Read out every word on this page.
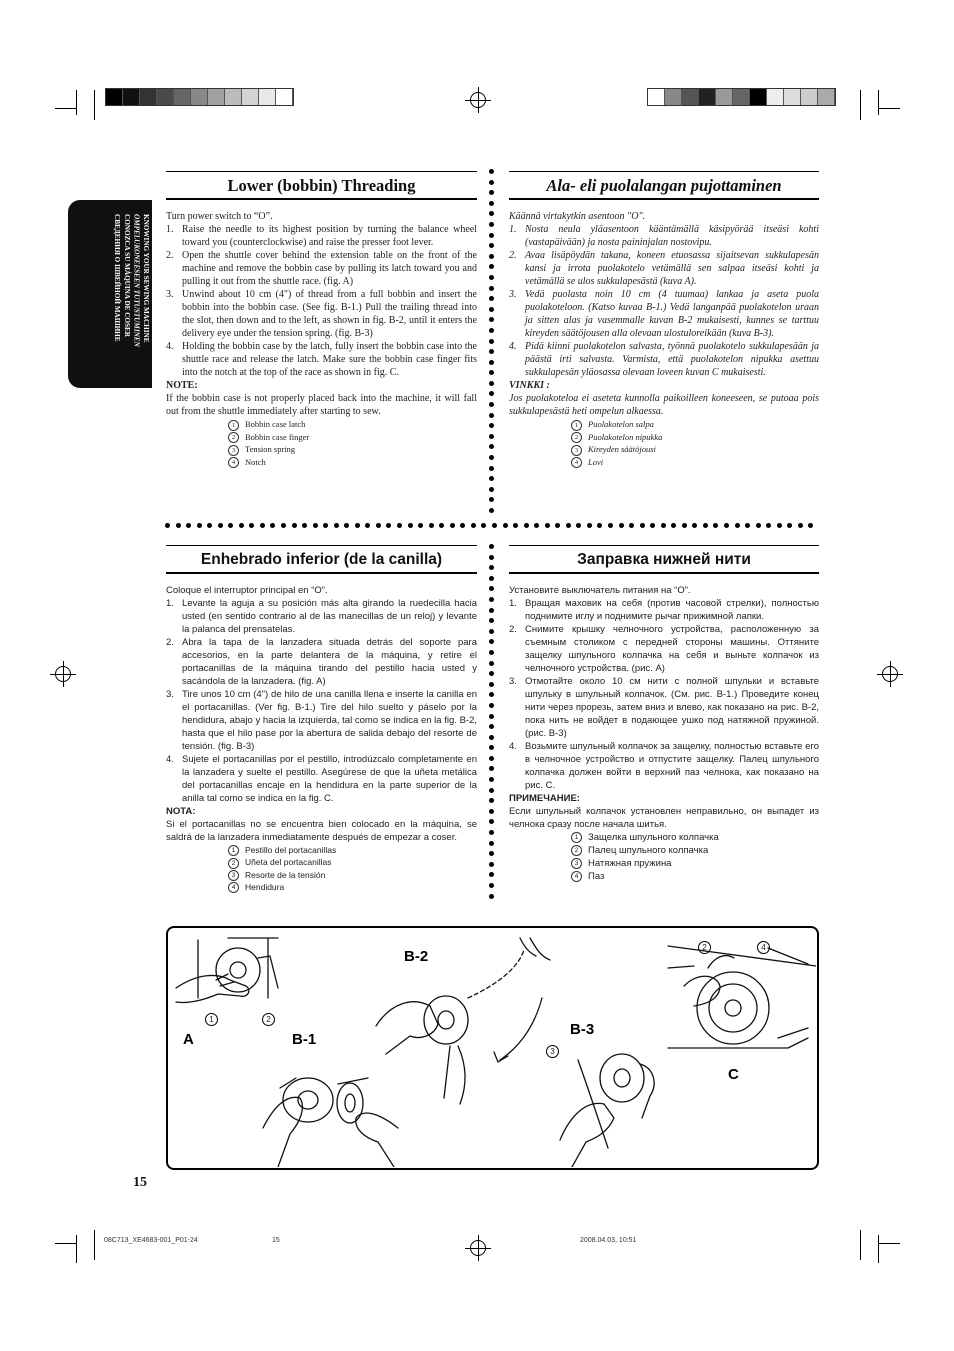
KNOWING YOUR SEWING MACHINE
OMPELUKONEESEEN TUTUSTUMINEN
CONOZCA SU MÁQUINA DE COSER
СВЕДЕНИЯ О ШВЕЙНОЙ МАШИНЕ
Lower (bobbin) Threading

Turn power switch to “O”.

1. Raise the needle to its highest position by turning the balance wheel toward you (counterclockwise) and raise the presser foot lever.
2. Open the shuttle cover behind the extension table on the front of the machine and remove the bobbin case by pulling its latch toward you and pulling it out from the shuttle race. (fig. A)
3. Unwind about 10 cm (4") of thread from a full bobbin and insert the bobbin into the bobbin case. (See fig. B-1.) Pull the trailing thread into the slot, then down and to the left, as shown in fig. B-2, until it enters the delivery eye under the tension spring. (fig. B-3)
4. Holding the bobbin case by the latch, fully insert the bobbin case into the shuttle race and release the latch. Make sure the bobbin case finger fits into the notch at the top of the race as shown in fig. C.

NOTE:

If the bobbin case is not properly placed back into the machine, it will fall out from the shuttle immediately after starting to sew.

1 Bobbin case latch
2 Bobbin case finger
3 Tension spring
4 Notch
Ala- eli puolalangan pujottaminen

Käännä virtakytkin asentoon "O".

1. Nosta neula yläasentoon kääntämällä käsipyörää itseäsi kohti (vastapäivään) ja nosta paininjalan nostovipu.
2. Avaa lisäpöydän takana, koneen etuosassa sijaitsevan sukkulapesän kansi ja irrota puolakotelo vetämällä sen salpaa itseäsi kohti ja vetämällä se ulos sukkulapesästä (kuva A).
3. Vedä puolasta noin 10 cm (4 tuumaa) lankaa ja aseta puola puolakoteloon. (Katso kuvaa B-1.) Vedä langanpää puolakotelon uraan ja sitten alas ja vasemmalle kuvan B-2 mukaisesti, kunnes se tarttuu kireyden säätöjousen alla olevaan ulostuloreikään (kuva B-3).
4. Pidä kiinni puolakotelon salvasta, työnnä puolakotelo sukkulapesään ja päästä irti salvasta. Varmista, että puolakotelon nipukka asettuu sukkulapesän yläosassa olevaan loveen kuvan C mukaisesti.

VINKKI :

Jos puolakoteloa ei aseteta kunnolla paikoilleen koneeseen, se putoaa pois sukkulapesästä heti ompelun alkaessa.

1 Puolakotelon salpa
2 Puolakotelon nipukka
3 Kireyden säätöjousi
4 Lovi
Enhebrado inferior (de la canilla)

Coloque el interruptor principal en “O”.

1. Levante la aguja a su posición más alta girando la ruedecilla hacia usted (en sentido contrario al de las manecillas de un reloj) y levante la palanca del prensatelas.
2. Abra la tapa de la lanzadera situada detrás del soporte para accesorios, en la parte delantera de la máquina, y retire el portacanillas de la máquina tirando del pestillo hacia usted y sacándola de la lanzadera. (fig. A)
3. Tire unos 10 cm (4") de hilo de una canilla llena e inserte la canilla en el portacanillas. (Ver fig. B-1.) Tire del hilo suelto y páselo por la hendidura, abajo y hacia la izquierda, tal como se indica en la fig. B-2, hasta que el hilo pase por la abertura de salida debajo del resorte de tensión. (fig. B-3)
4. Sujete el portacanillas por el pestillo, introdúzcalo completamente en la lanzadera y suelte el pestillo. Asegúrese de que la uñeta metálica del portacanillas encaje en la hendidura en la parte superior de la anilla tal como se indica en la fig. C.

NOTA:

Si el portacanillas no se encuentra bien colocado en la máquina, se saldrá de la lanzadera inmediatamente después de empezar a coser.

1 Pestillo del portacanillas
2 Uñeta del portacanillas
3 Resorte de la tensión
4 Hendidura
Заправка нижней нити

Установите выключатель питания на “O”.

1. Вращая маховик на себя (против часовой стрелки), полностью поднимите иглу и поднимите рычаг прижимной лапки.
2. Снимите крышку челночного устройства, расположенную за съемным столиком с передней стороны машины. Оттяните защелку шпульного колпачка на себя и выньте колпачок из челночного устройства. (рис. A)
3. Отмотайте около 10 см нити с полной шпульки и вставьте шпульку в шпульный колпачок. (См. рис. B-1.) Проведите конец нити через прорезь, затем вниз и влево, как показано на рис. B-2, пока нить не войдет в подающее ушко под натяжной пружиной. (рис. B-3)
4. Возьмите шпульный колпачок за защелку, полностью вставьте его в челночное устройство и отпустите защелку. Палец шпульного колпачка должен войти в верхний паз челнока, как показано на рис. C.

ПРИМЕЧАНИЕ:

Если шпульный колпачок установлен неправильно, он выпадет из челнока сразу после начала шитья.

1 Защелка шпульного колпачка
2 Палец шпульного колпачка
3 Натяжная пружина
4 Паз
A	B-1
B-2
B-3
C
1	2
3
2	4
15
08C713_XE4683-001_P01-24	15	2008.04.03, 10:51
